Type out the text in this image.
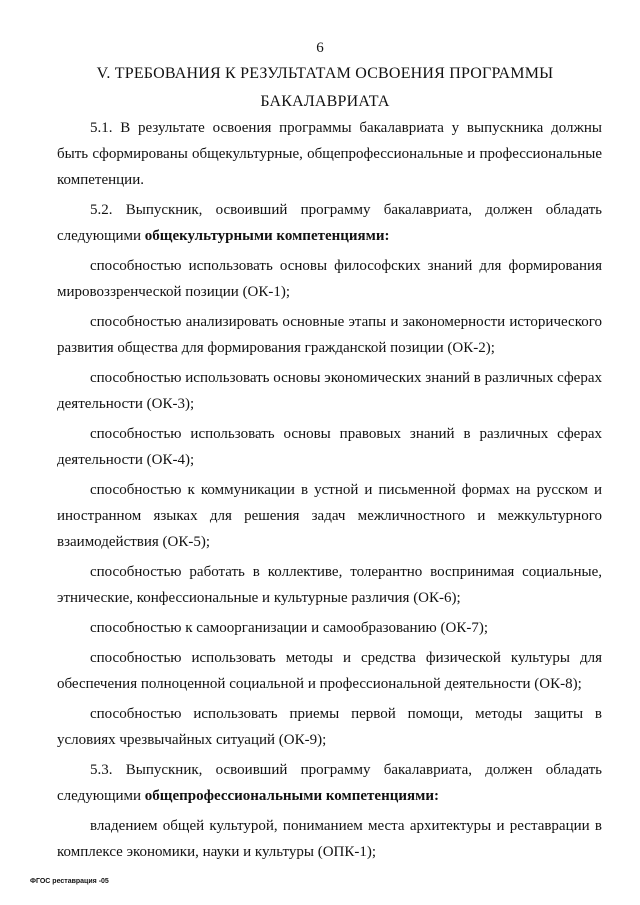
6
V. ТРЕБОВАНИЯ К РЕЗУЛЬТАТАМ ОСВОЕНИЯ ПРОГРАММЫ
БАКАЛАВРИАТА

5.1. В результате освоения программы бакалавриата у выпускника должны быть сформированы общекультурные, общепрофессиональные и профессиональные компетенции.

5.2. Выпускник, освоивший программу бакалавриата, должен обладать следующими общекультурными компетенциями:

способностью использовать основы философских знаний для формирования мировоззренческой позиции (ОК-1);

способностью анализировать основные этапы и закономерности исторического развития общества для формирования гражданской позиции (ОК-2);

способностью использовать основы экономических знаний в различных сферах деятельности (ОК-3);

способностью использовать основы правовых знаний в различных сферах деятельности (ОК-4);

способностью к коммуникации в устной и письменной формах на русском и иностранном языках для решения задач межличностного и межкультурного взаимодействия (ОК-5);

способностью работать в коллективе, толерантно воспринимая социальные, этнические, конфессиональные и культурные различия (ОК-6);

способностью к самоорганизации и самообразованию (ОК-7);

способностью использовать методы и средства физической культуры для обеспечения полноценной социальной и профессиональной деятельности (ОК-8);

способностью использовать приемы первой помощи, методы защиты в условиях чрезвычайных ситуаций (ОК-9);

5.3. Выпускник, освоивший программу бакалавриата, должен обладать следующими общепрофессиональными компетенциями:

владением общей культурой, пониманием места архитектуры и реставрации в комплексе экономики, науки и культуры (ОПК-1);

ФГОС реставрация -05
